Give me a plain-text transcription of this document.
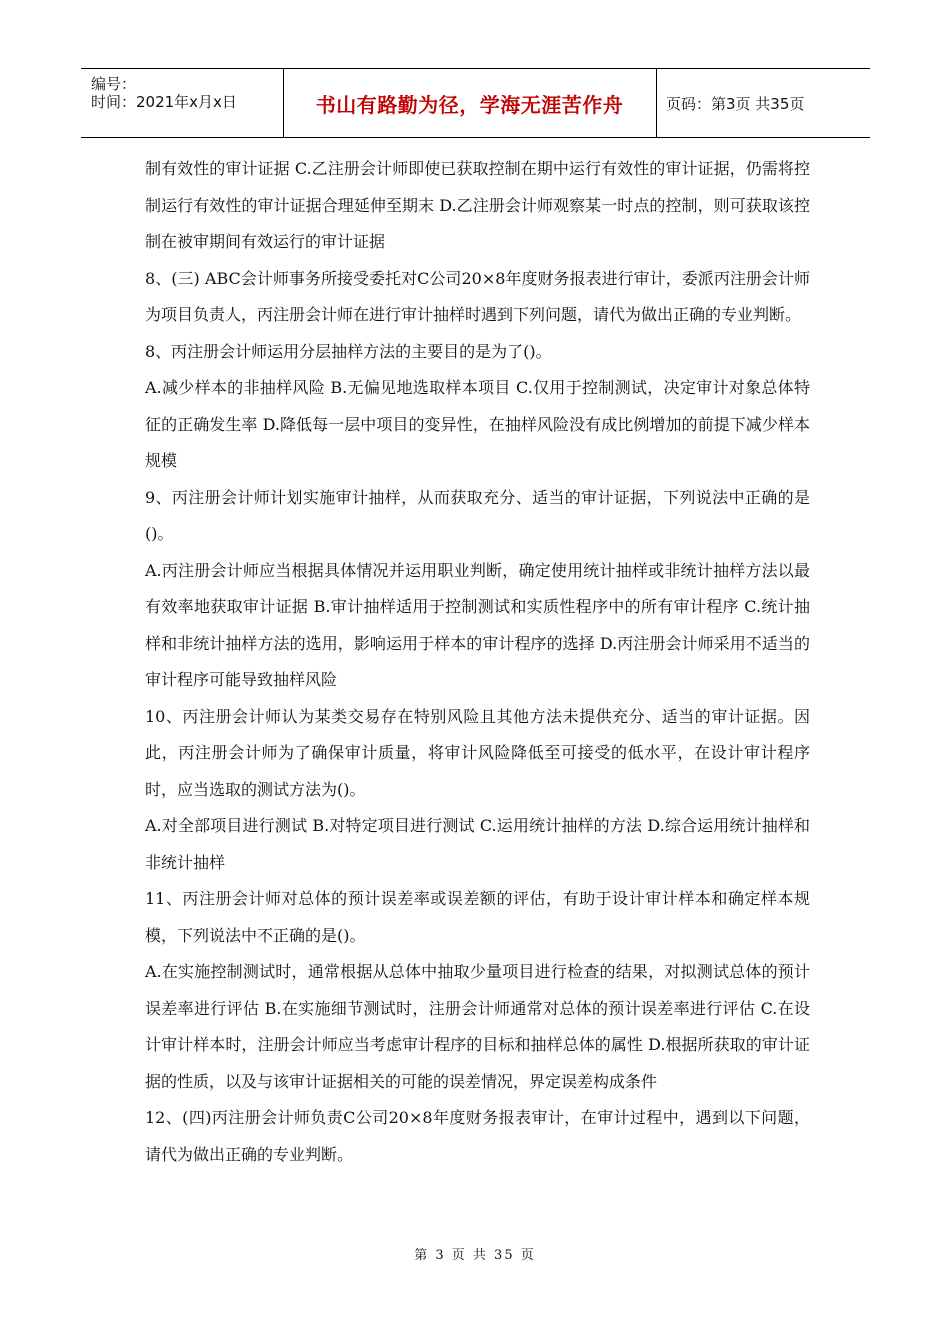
编号：
时间：2021年x月x日	书山有路勤为径，学海无涯苦作舟	页码：第3页 共35页

制有效性的审计证据 C.乙注册会计师即使已获取控制在期中运行有效性的审计证据，仍需将控制运行有效性的审计证据合理延伸至期末 D.乙注册会计师观察某一时点的控制，则可获取该控制在被审期间有效运行的审计证据

8、(三) ABC会计师事务所接受委托对C公司20×8年度财务报表进行审计，委派丙注册会计师为项目负责人，丙注册会计师在进行审计抽样时遇到下列问题，请代为做出正确的专业判断。

8、丙注册会计师运用分层抽样方法的主要目的是为了()。

A.减少样本的非抽样风险 B.无偏见地选取样本项目 C.仅用于控制测试，决定审计对象总体特征的正确发生率 D.降低每一层中项目的变异性，在抽样风险没有成比例增加的前提下减少样本规模

9、丙注册会计师计划实施审计抽样，从而获取充分、适当的审计证据，下列说法中正确的是()。

A.丙注册会计师应当根据具体情况并运用职业判断，确定使用统计抽样或非统计抽样方法以最有效率地获取审计证据 B.审计抽样适用于控制测试和实质性程序中的所有审计程序 C.统计抽样和非统计抽样方法的选用，影响运用于样本的审计程序的选择 D.丙注册会计师采用不适当的审计程序可能导致抽样风险

10、丙注册会计师认为某类交易存在特别风险且其他方法未提供充分、适当的审计证据。因此，丙注册会计师为了确保审计质量，将审计风险降低至可接受的低水平，在设计审计程序时，应当选取的测试方法为()。

A.对全部项目进行测试 B.对特定项目进行测试 C.运用统计抽样的方法 D.综合运用统计抽样和非统计抽样

11、丙注册会计师对总体的预计误差率或误差额的评估，有助于设计审计样本和确定样本规模，下列说法中不正确的是()。

A.在实施控制测试时，通常根据从总体中抽取少量项目进行检查的结果，对拟测试总体的预计误差率进行评估 B.在实施细节测试时，注册会计师通常对总体的预计误差率进行评估 C.在设计审计样本时，注册会计师应当考虑审计程序的目标和抽样总体的属性 D.根据所获取的审计证据的性质，以及与该审计证据相关的可能的误差情况，界定误差构成条件

12、(四)丙注册会计师负责C公司20×8年度财务报表审计，在审计过程中，遇到以下问题，请代为做出正确的专业判断。

第 3 页 共 35 页
